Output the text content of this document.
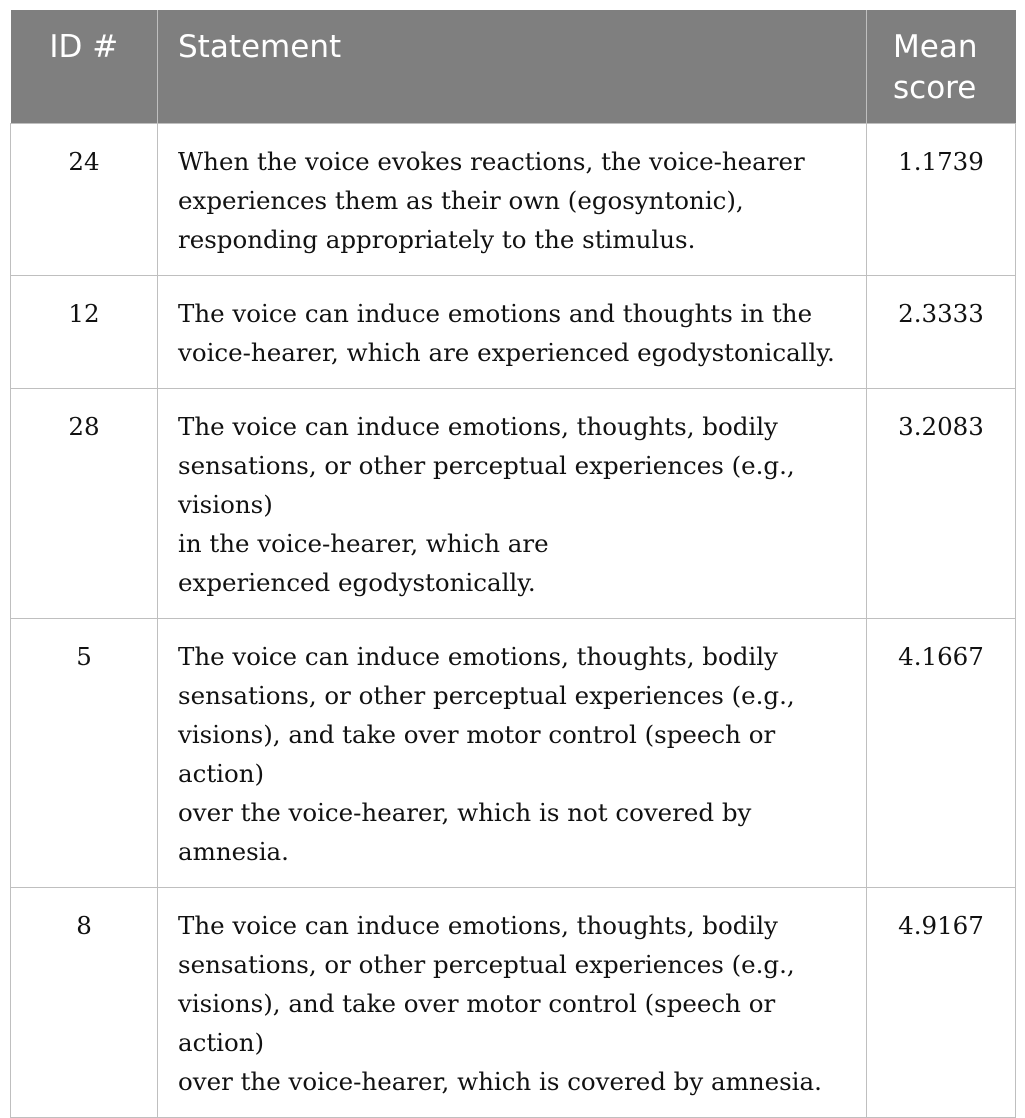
ID #	Statement	Mean
score
24	When the voice evokes reactions, the voice-hearer
experiences them as their own (egosyntonic),
responding appropriately to the stimulus.	1.1739
12	The voice can induce emotions and thoughts in the
voice-hearer, which are experienced egodystonically.	2.3333
28	The voice can induce emotions, thoughts, bodily
sensations, or other perceptual experiences (e.g., visions)
in the voice-hearer, which are
experienced egodystonically.	3.2083
5	The voice can induce emotions, thoughts, bodily
sensations, or other perceptual experiences (e.g.,
visions), and take over motor control (speech or action)
over the voice-hearer, which is not covered by amnesia.	4.1667
8	The voice can induce emotions, thoughts, bodily
sensations, or other perceptual experiences (e.g.,
visions), and take over motor control (speech or action)
over the voice-hearer, which is covered by amnesia.	4.9167
